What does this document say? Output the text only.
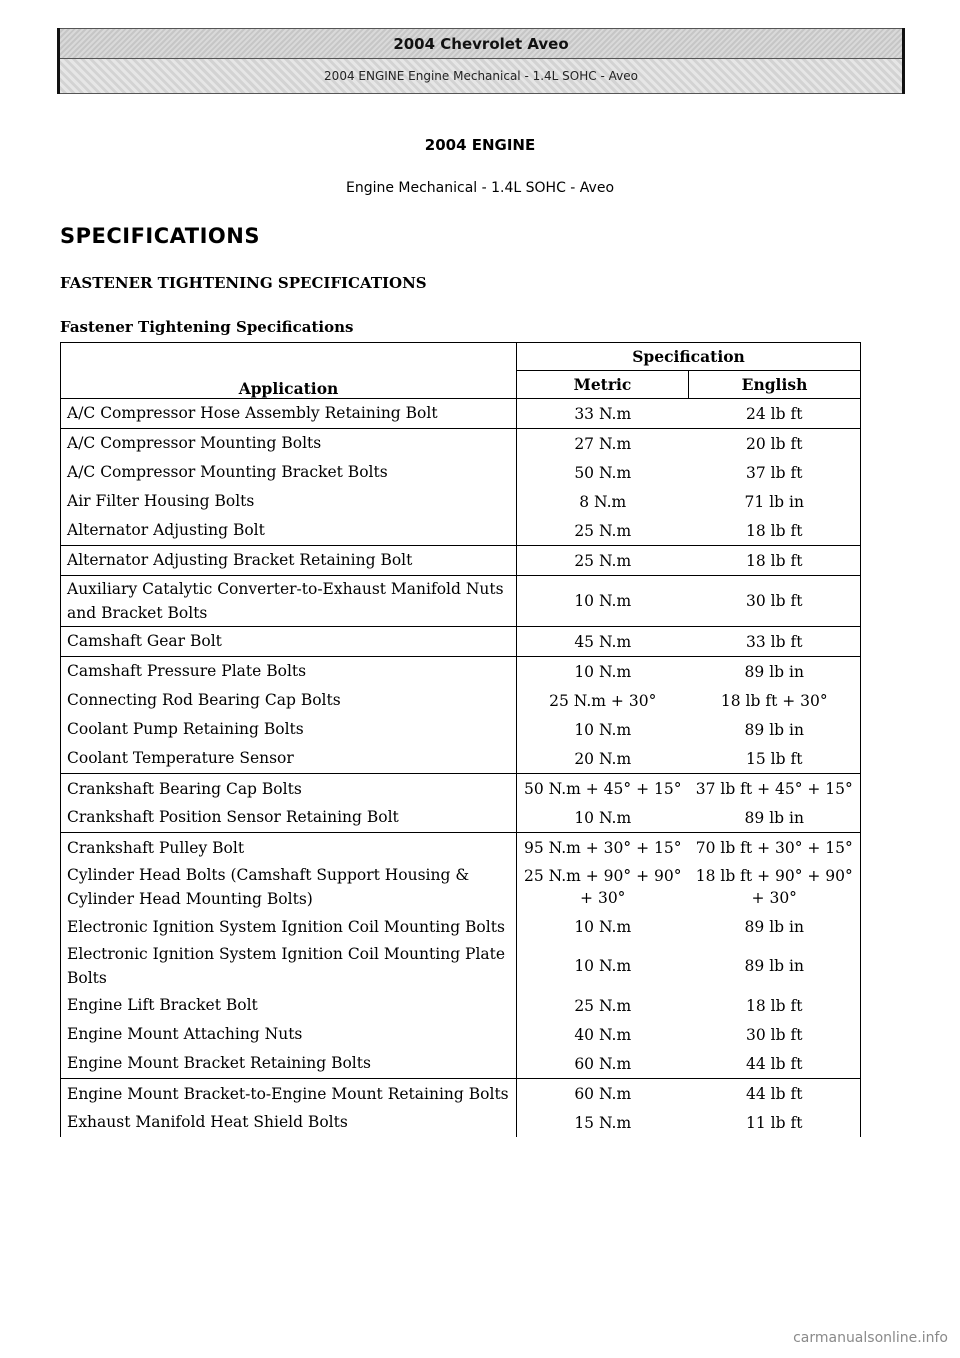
2004 Chevrolet Aveo
2004 ENGINE Engine Mechanical - 1.4L SOHC - Aveo
2004 ENGINE
Engine Mechanical - 1.4L SOHC - Aveo
SPECIFICATIONS
FASTENER TIGHTENING SPECIFICATIONS
Fastener Tightening Specifications
Application	Specification	
	Metric	English
A/C Compressor Hose Assembly Retaining Bolt	33 N.m	24 lb ft
A/C Compressor Mounting Bolts	27 N.m	20 lb ft
A/C Compressor Mounting Bracket Bolts	50 N.m	37 lb ft
Air Filter Housing Bolts	8 N.m	71 lb in
Alternator Adjusting Bolt	25 N.m	18 lb ft
Alternator Adjusting Bracket Retaining Bolt	25 N.m	18 lb ft
Auxiliary Catalytic Converter-to-Exhaust Manifold Nuts and Bracket Bolts	10 N.m	30 lb ft
Camshaft Gear Bolt	45 N.m	33 lb ft
Camshaft Pressure Plate Bolts	10 N.m	89 lb in
Connecting Rod Bearing Cap Bolts	25 N.m + 30°	18 lb ft + 30°
Coolant Pump Retaining Bolts	10 N.m	89 lb in
Coolant Temperature Sensor	20 N.m	15 lb ft
Crankshaft Bearing Cap Bolts	50 N.m + 45° + 15°	37 lb ft + 45° + 15°
Crankshaft Position Sensor Retaining Bolt	10 N.m	89 lb in
Crankshaft Pulley Bolt	95 N.m + 30° + 15°	70 lb ft + 30° + 15°
Cylinder Head Bolts (Camshaft Support Housing & Cylinder Head Mounting Bolts)	25 N.m + 90° + 90° + 30°	18 lb ft + 90° + 90° + 30°
Electronic Ignition System Ignition Coil Mounting Bolts	10 N.m	89 lb in
Electronic Ignition System Ignition Coil Mounting Plate Bolts	10 N.m	89 lb in
Engine Lift Bracket Bolt	25 N.m	18 lb ft
Engine Mount Attaching Nuts	40 N.m	30 lb ft
Engine Mount Bracket Retaining Bolts	60 N.m	44 lb ft
Engine Mount Bracket-to-Engine Mount Retaining Bolts	60 N.m	44 lb ft
Exhaust Manifold Heat Shield Bolts	15 N.m	11 lb ft
carmanualsonline.info
